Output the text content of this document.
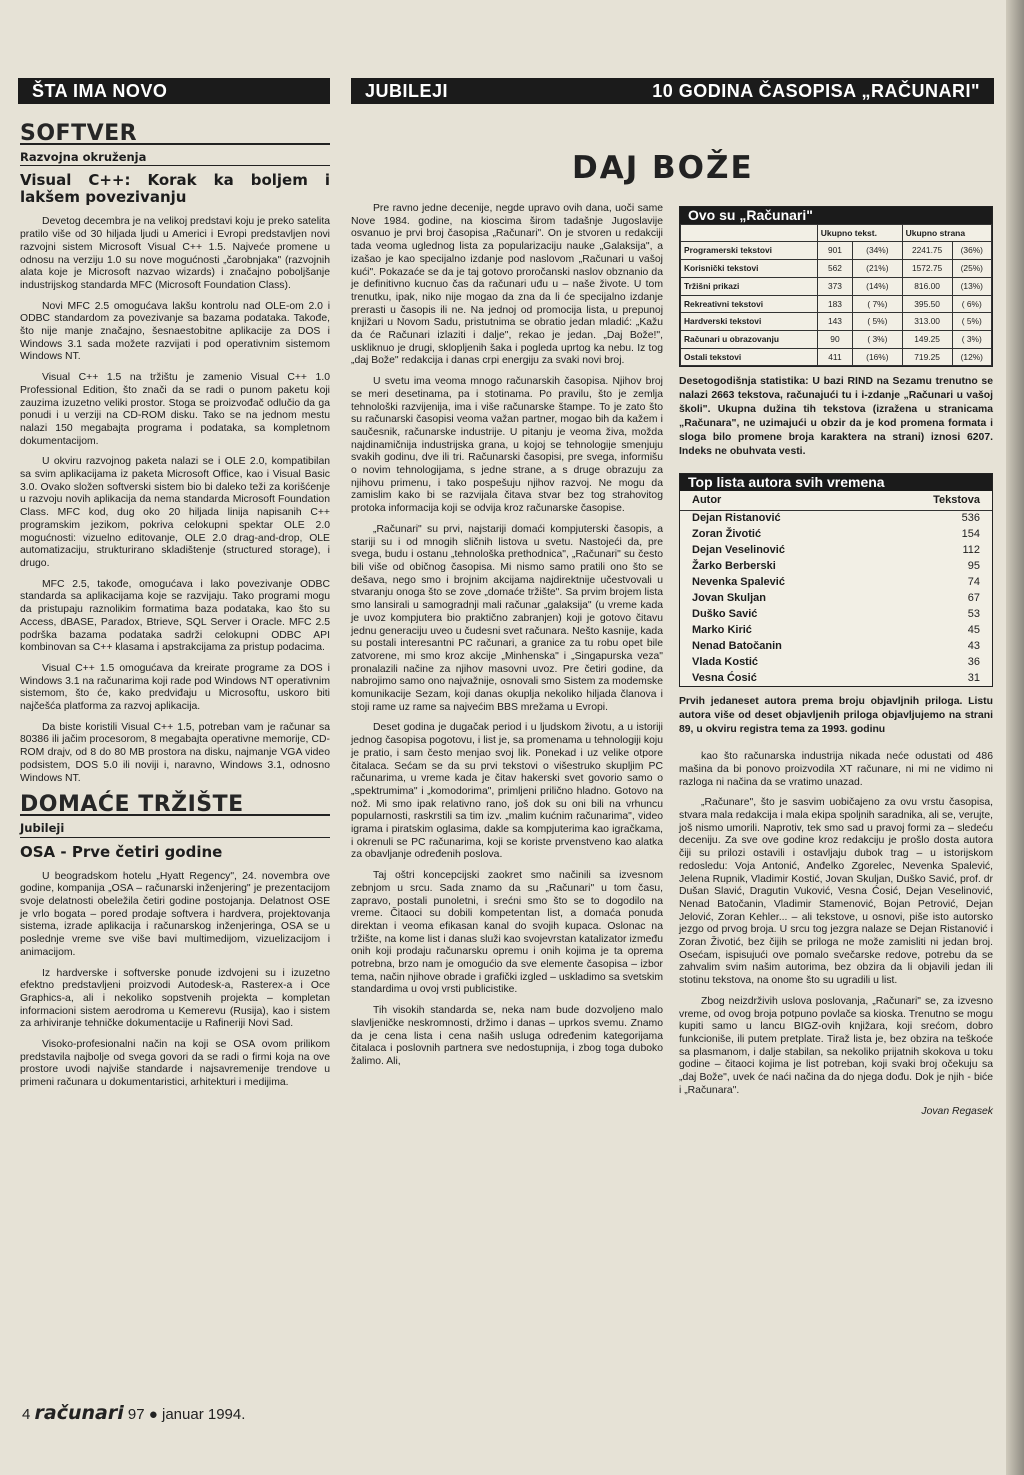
ŠTA IMA NOVO	JUBILEJI	10 GODINA ČASOPISA „RAČUNARI"
SOFTVER
Razvojna okruženja
Visual C++: Korak ka boljem i lakšem povezivanju

Devetog decembra je na velikoj predstavi koju je preko satelita pratilo više od 30 hiljada ljudi u Americi i Evropi predstavljen novi razvojni sistem Microsoft Visual C++ 1.5. Najveće promene u odnosu na verziju 1.0 su nove mogućnosti „čarobnjaka" (razvojnih alata koje je Microsoft nazvao wizards) i značajno poboljšanje industrijskog standarda MFC (Microsoft Foundation Class).

Novi MFC 2.5 omogućava lakšu kontrolu nad OLE-om 2.0 i ODBC standardom za povezivanje sa bazama podataka. Takođe, što nije manje značajno, šesnaestobitne aplikacije za DOS i Windows 3.1 sada možete razvijati i pod operativnim sistemom Windows NT.

Visual C++ 1.5 na tržištu je zamenio Visual C++ 1.0 Professional Edition, što znači da se radi o punom paketu koji zauzima izuzetno veliki prostor. Stoga se proizvođač odlučio da ga ponudi i u verziji na CD-ROM disku. Tako se na jednom mestu nalazi 150 megabajta programa i podataka, sa kompletnom dokumentacijom.

U okviru razvojnog paketa nalazi se i OLE 2.0, kompatibilan sa svim aplikacijama iz paketa Microsoft Office, kao i Visual Basic 3.0. Ovako složen softverski sistem bio bi daleko teži za korišćenje u razvoju novih aplikacija da nema standarda Microsoft Foundation Class. MFC kod, dug oko 20 hiljada linija napisanih C++ programskim jezikom, pokriva celokupni spektar OLE 2.0 mogućnosti: vizuelno editovanje, OLE 2.0 drag-and-drop, OLE automatizaciju, strukturirano skladištenje (structured storage), i drugo.

MFC 2.5, takođe, omogućava i lako povezivanje ODBC standarda sa aplikacijama koje se razvijaju. Tako programi mogu da pristupaju raznolikim formatima baza podataka, kao što su Access, dBASE, Paradox, Btrieve, SQL Server i Oracle. MFC 2.5 podrška bazama podataka sadrži celokupni ODBC API kombinovan sa C++ klasama i apstrakcijama za pristup podacima.

Visual C++ 1.5 omogućava da kreirate programe za DOS i Windows 3.1 na računarima koji rade pod Windows NT operativnim sistemom, što će, kako predviđaju u Microsoftu, uskoro biti najčešća platforma za razvoj aplikacija.

Da biste koristili Visual C++ 1.5, potreban vam je računar sa 80386 ili jačim procesorom, 8 megabajta operativne memorije, CD-ROM drajv, od 8 do 80 MB prostora na disku, najmanje VGA video podsistem, DOS 5.0 ili noviji i, naravno, Windows 3.1, odnosno Windows NT.

DOMAĆE TRŽIŠTE
Jubileji
OSA - Prve četiri godine

U beogradskom hotelu „Hyatt Regency", 24. novembra ove godine, kompanija „OSA – računarski inženjering" je prezentacijom svoje delatnosti obeležila četiri godine postojanja. Delatnost OSE je vrlo bogata – pored prodaje softvera i hardvera, projektovanja sistema, izrade aplikacija i računarskog inženjeringa, OSA se u poslednje vreme sve više bavi multimedijom, vizuelizacijom i animacijom.

Iz hardverske i softverske ponude izdvojeni su i izuzetno efektno predstavljeni proizvodi Autodesk-a, Rasterex-a i Oce Graphics-a, ali i nekoliko sopstvenih projekta – kompletan informacioni sistem aerodroma u Kemerevu (Rusija), kao i sistem za arhiviranje tehničke dokumentacije u Rafineriji Novi Sad.

Visoko-profesionalni način na koji se OSA ovom prilikom predstavila najbolje od svega govori da se radi o firmi koja na ove prostore uvodi najviše standarde i najsavremenije trendove u primeni računara u dokumentaristici, arhitekturi i medijima.

DAJ BOŽE

Pre ravno jedne decenije, negde upravo ovih dana, uoči same Nove 1984. godine, na kioscima širom tadašnje Jugoslavije osvanuo je prvi broj časopisa „Računari". On je stvoren u redakciji tada veoma uglednog lista za popularizaciju nauke „Galaksija", a izašao je kao specijalno izdanje pod naslovom „Računari u vašoj kući". Pokazaće se da je taj gotovo proročanski naslov obznanio da je definitivno kucnuo čas da računari uđu u – naše živote. U tom trenutku, ipak, niko nije mogao da zna da li će specijalno izdanje prerasti u časopis ili ne. Na jednoj od promocija lista, u prepunoj knjižari u Novom Sadu, pristutnima se obratio jedan mladić: „Kažu da će Računari izlaziti i dalje", rekao je jedan. „Daj Bože!", uskliknuo je drugi, sklopljenih šaka i pogleda uprtog ka nebu. Iz tog „daj Bože" redakcija i danas crpi energiju za svaki novi broj.

U svetu ima veoma mnogo računarskih časopisa. Njihov broj se meri desetinama, pa i stotinama. Po pravilu, što je zemlja tehnološki razvijenija, ima i više računarske štampe. To je zato što su računarski časopisi veoma važan partner, mogao bih da kažem i saučesnik, računarske industrije. U pitanju je veoma živa, možda najdinamičnija industrijska grana, u kojoj se tehnologije smenjuju svakih godinu, dve ili tri. Računarski časopisi, pre svega, informišu o novim tehnologijama, s jedne strane, a s druge obrazuju za njihovu primenu, i tako pospešuju njihov razvoj. Ne mogu da zamislim kako bi se razvijala čitava stvar bez tog strahovitog protoka informacija koji se odvija kroz računarske časopise.

„Računari" su prvi, najstariji domaći kompjuterski časopis, a stariji su i od mnogih sličnih listova u svetu. Nastojeći da, pre svega, budu i ostanu „tehnološka prethodnica", „Računari" su često bili više od običnog časopisa. Mi nismo samo pratili ono što se dešava, nego smo i brojnim akcijama najdirektnije učestvovali u stvaranju onoga što se zove „domaće tržište". Sa prvim brojem lista smo lansirali u samogradnji mali računar „galaksija" (u vreme kada je uvoz kompjutera bio praktično zabranjen) koji je gotovo čitavu jednu generaciju uveo u čudesni svet računara. Neštо kasnije, kada su postali interesantni PC računari, a granice za tu robu opet bile zatvorene, mi smo kroz akcije „Minhenska" i „Singapurska veza" pronalazili načine za njihov masovni uvoz. Pre četiri godine, da nabrojimo samo ono najvažnije, osnovali smo Sistem za modemske komunikacije Sezam, koji danas okuplja nekoliko hiljada članova i stoji rame uz rame sa najvećim BBS mrežama u Evropi.

Deset godina je dugačak period i u ljudskom životu, a u istoriji jednog časopisa pogotovu, i list je, sa promenama u tehnologiji koju je pratio, i sam često menjao svoj lik. Ponekad i uz velike otpore čitalaca. Sećam se da su prvi tekstovi o višestruko skupljim PC računarima, u vreme kada je čitav hakerski svet govorio samo o „spektrumima" i „komodorima", primljeni prilično hladno. Gotovo na nož. Mi smo ipak relativno rano, još dok su oni bili na vrhuncu popularnosti, raskrstili sa tim izv. „malim kućnim računarima", video igrama i piratskim oglasima, dakle sa kompjuterima kao igračkama, i okrenuli se PC računarima, koji se koriste prvenstveno kao alatka za obavljanje određenih poslova.

Taj oštri koncepcijski zaokret smo načinili sa izvesnom zebnjom u srcu. Sada znamo da su „Računari" u tom času, zapravo, postali punoletni, i srećni smo što se to dogodilo na vreme. Čitaoci su dobili kompetentan list, a domaća ponuda direktan i veoma efikasan kanal do svojih kupaca. Oslonac na tržište, na kome list i danas služi kao svojevrstan katalizator između onih koji prodaju računarsku opremu i onih kojima je ta oprema potrebna, brzo nam je omogućio da sve elemente časopisa – izbor tema, način njihove obrade i grafički izgled – uskladimo sa svetskim standardima u ovoj vrsti publicistike.

Tih visokih standarda se, neka nam bude dozvoljeno malo slavljeničke neskromnosti, držimo i danas – uprkos svemu. Znamo da je cena lista i cena naših usluga određenim kategorijama čitalaca i poslovnih partnera sve nedostupnija, i zbog toga duboko žalimo. Ali,

Ovo su „Računari"
	Ukupno tekst.		Ukupno strana	
Programerski tekstovi	901	(34%)	2241.75	(36%)
Korisnički tekstovi	562	(21%)	1572.75	(25%)
Tržišni prikazi	373	(14%)	816.00	(13%)
Rekreativni tekstovi	183	( 7%)	395.50	( 6%)
Hardverski tekstovi	143	( 5%)	313.00	( 5%)
Računari u obrazovanju	90	( 3%)	149.25	( 3%)
Ostali tekstovi	411	(16%)	719.25	(12%)
Desetogodišnja statistika: U bazi RIND na Sezamu trenutno se nalazi 2663 tekstova, računajući tu i i-zdanje „Računari u vašoj školi". Ukupna dužina tih tekstova (izražena u stranicama „Računara", ne uzimajući u obzir da je kod promena formata i sloga bilo promene broja karaktera na strani) iznosi 6207. Indeks ne obuhvata vesti.
Top lista autora svih vremena
Autor	Tekstova
Dejan Ristanović	536
Zoran Životić	154
Dejan Veselinović	112
Žarko Berberski	95
Nevenka Spalević	74
Jovan Skuljan	67
Duško Savić	53
Marko Kirić	45
Nenad Batočanin	43
Vlada Kostić	36
Vesna Ćosić	31
Prvih jedaneset autora prema broju objavljnih priloga. Listu autora više od deset objavljenih priloga objavljujemo na strani 89, u okviru registra tema za 1993. godinu

kao što računarska industrija nikada neće odustati od 486 mašina da bi ponovo proizvodila XT računare, ni mi ne vidimo ni razloga ni načina da se vratimo unazad.

„Računare", što je sasvim uobičajeno za ovu vrstu časopisa, stvara mala redakcija i mala ekipa spoljnih saradnika, ali se, verujte, još nismo umorili. Naprotiv, tek smo sad u pravoj formi za – sledeću deceniju. Za sve ove godine kroz redakciju je prošlo dosta autora čiji su prilozi ostavili i ostavljaju dubok trag – u istorijskom redosledu: Voja Antonić, Anđelko Zgorelec, Nevenka Spalević, Jelena Rupnik, Vladimir Kostić, Jovan Skuljan, Duško Savić, prof. dr Dušan Slavić, Dragutin Vuković, Vesna Ćosić, Dejan Veselinović, Nenad Batočanin, Vladimir Stamenović, Bojan Petrović, Dejan Jelović, Zoran Kehler... – ali tekstove, u osnovi, piše isto autorsko jezgo od prvog broja. U srcu tog jezgra nalaze se Dejan Ristanović i Zoran Životić, bez čijih se priloga ne može zamisliti ni jedan broj. Osećam, ispisujući ove pomalo svečarske redove, potrebu da se zahvalim svim našim autorima, bez obzira da li objavili jedan ili stotinu tekstova, na onome što su ugradili u list.

Zbog neizdrživih uslova poslovanja, „Računari" se, za izvesno vreme, od ovog broja potpuno povlače sa kioska. Trenutno se mogu kupiti samo u lancu BIGZ-ovih knjižara, koji srećom, dobro funkcioniše, ili putem pretplate. Tiraž lista je, bez obzira na teškoće sa plasmanom, i dalje stabilan, sa nekoliko prijatnih skokova u toku godine – čitaoci kojima je list potreban, koji svaki broj očekuju sa „daj Bože", uvek će naći načina da do njega dođu. Dok je njih - biće i „Računara".

Jovan Regasek
4 računari 97 ● januar 1994.
